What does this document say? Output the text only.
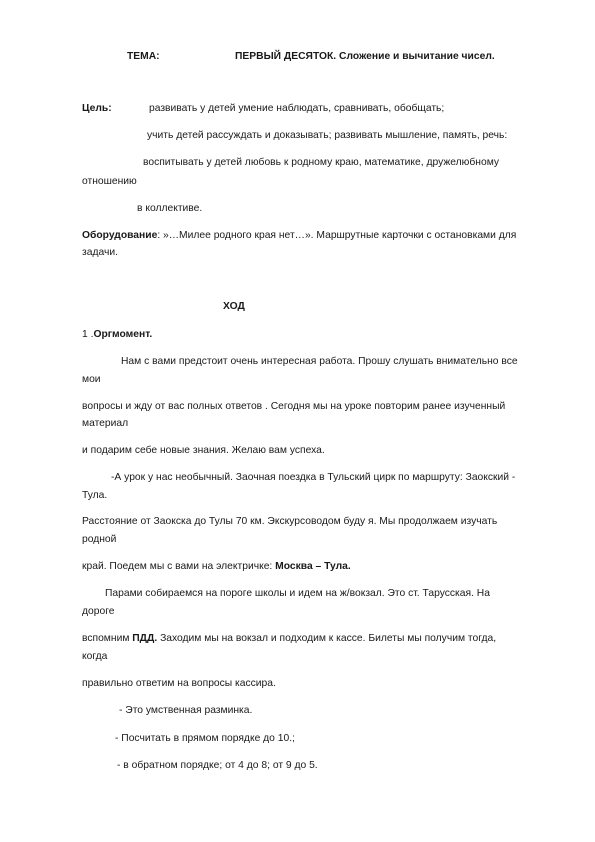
ТЕМА:	ПЕРВЫЙ ДЕСЯТОК. Сложение и вычитание чисел.
Цель:	развивать у детей умение наблюдать, сравнивать, обобщать;
учить детей рассуждать и доказывать; развивать мышление, память, речь:
воспитывать у детей любовь к родному краю, математике, дружелюбному
отношению
в коллективе.
Оборудование: »…Милее родного края нет…». Маршрутные карточки с остановками для
задачи.
ХОД
1 .Оргмомент.
Нам с вами предстоит очень интересная работа. Прошу слушать внимательно все
мои
вопросы и жду от вас полных ответов . Сегодня мы на уроке повторим ранее изученный
материал
и подарим себе новые знания. Желаю вам успеха.
-А урок у нас необычный. Заочная поездка в Тульский цирк по маршруту: Заокский -
Тула.
Расстояние от Заокска до Тулы 70 км. Экскурсоводом буду я. Мы продолжаем изучать
родной
край. Поедем мы с вами на электричке: Москва – Тула.
Парами собираемся на пороге школы и идем на ж/вокзал. Это ст. Тарусская. На
дороге
вспомним ПДД. Заходим мы на вокзал и подходим к кассе. Билеты мы получим тогда,
когда
правильно ответим на вопросы кассира.
- Это умственная разминка.
- Посчитать в прямом порядке до 10.;
- в обратном порядке; от 4 до 8; от 9 до 5.
